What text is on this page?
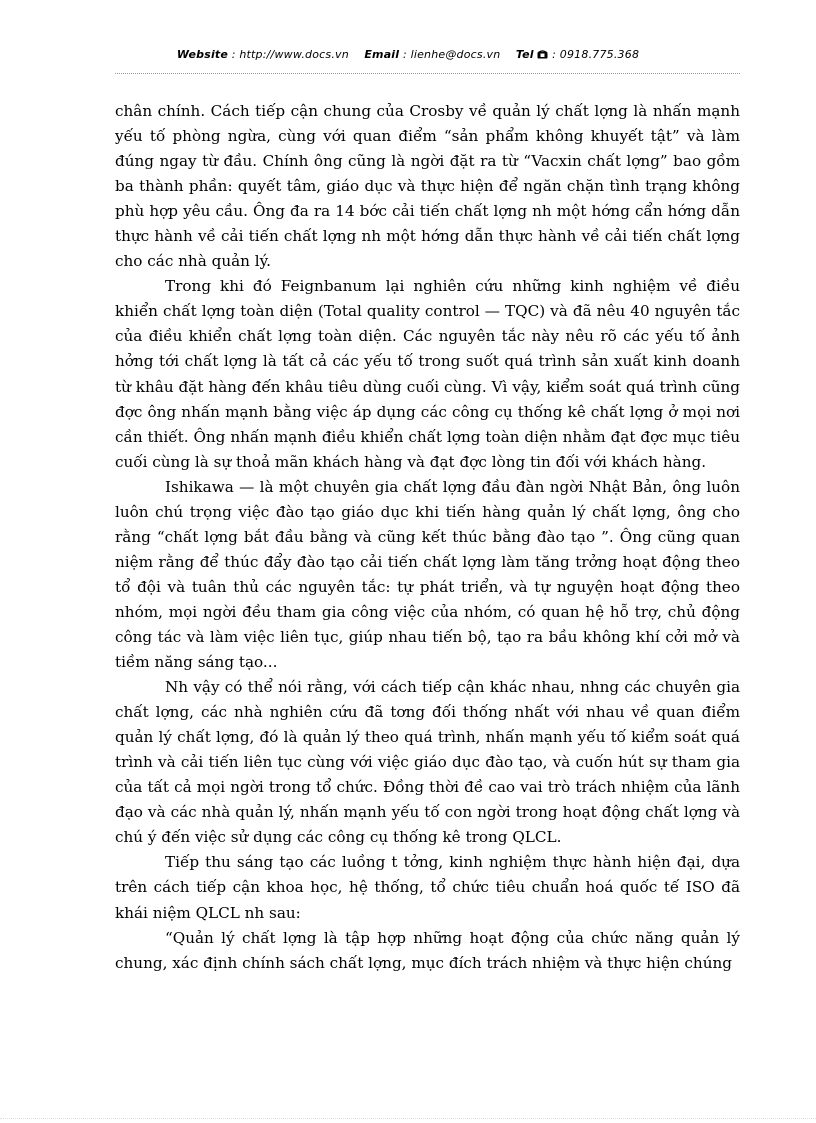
Website : http://www.docs.vn Email : lienhe@docs.vn Tel : 0918.775.368

chân chính. Cách tiếp cận chung của Crosby về quản lý chất lợng là nhấn mạnh yếu tố phòng ngừa, cùng với quan điểm “sản phẩm không khuyết tật” và làm đúng ngay từ đầu. Chính ông cũng là ngời đặt ra từ “Vacxin chất lợng” bao gồm ba thành phần: quyết tâm, giáo dục và thực hiện để ngăn chặn tình trạng không phù hợp yêu cầu. Ông đa ra 14 bớc cải tiến chất lợng nh một hớng cẩn hớng dẫn thực hành về cải tiến chất lợng nh một hớng dẫn thực hành về cải tiến chất lợng cho các nhà quản lý.

Trong khi đó Feignbanum lại nghiên cứu những kinh nghiệm về điều khiển chất lợng toàn diện (Total quality control — TQC) và đã nêu 40 nguyên tắc của điều khiển chất lợng toàn diện. Các nguyên tắc này nêu rõ các yếu tố ảnh hởng tới chất lợng là tất cả các yếu tố trong suốt quá trình sản xuất kinh doanh từ khâu đặt hàng đến khâu tiêu dùng cuối cùng. Vì vậy, kiểm soát quá trình cũng đợc ông nhấn mạnh bằng việc áp dụng các công cụ thống kê chất lợng ở mọi nơi cần thiết. Ông nhấn mạnh điều khiển chất lợng toàn diện nhằm đạt đợc mục tiêu cuối cùng là sự thoả mãn khách hàng và đạt đợc lòng tin đối với khách hàng.

Ishikawa — là một chuyên gia chất lợng đầu đàn ngời Nhật Bản, ông luôn luôn chú trọng việc đào tạo giáo dục khi tiến hàng quản lý chất lợng, ông cho rằng “chất lợng bắt đầu bằng và cũng kết thúc bằng đào tạo ”. Ông cũng quan niệm rằng để thúc đẩy đào tạo cải tiến chất lợng làm tăng trởng hoạt động theo tổ đội và tuân thủ các nguyên tắc: tự phát triển, và tự nguyện hoạt động theo nhóm, mọi ngời đều tham gia công việc của nhóm, có quan hệ hỗ trợ, chủ động công tác và làm việc liên tục, giúp nhau tiến bộ, tạo ra bầu không khí cởi mở và tiềm năng sáng tạo...

Nh vậy có thể nói rằng, với cách tiếp cận khác nhau, nhng các chuyên gia chất lợng, các nhà nghiên cứu đã tơng đối thống nhất với nhau về quan điểm quản lý chất lợng, đó là quản lý theo quá trình, nhấn mạnh yếu tố kiểm soát quá trình và cải tiến liên tục cùng với việc giáo dục đào tạo, và cuốn hút sự tham gia của tất cả mọi ngời trong tổ chức. Đồng thời đề cao vai trò trách nhiệm của lãnh đạo và các nhà quản lý, nhấn mạnh yếu tố con ngời trong hoạt động chất lợng và chú ý đến việc sử dụng các công cụ thống kê trong QLCL.

Tiếp thu sáng tạo các luồng t tởng, kinh nghiệm thực hành hiện đại, dựa trên cách tiếp cận khoa học, hệ thống, tổ chức tiêu chuẩn hoá quốc tế ISO đã khái niệm QLCL nh sau:

“Quản lý chất lợng là tập hợp những hoạt động của chức năng quản lý chung, xác định chính sách chất lợng, mục đích trách nhiệm và thực hiện chúng
